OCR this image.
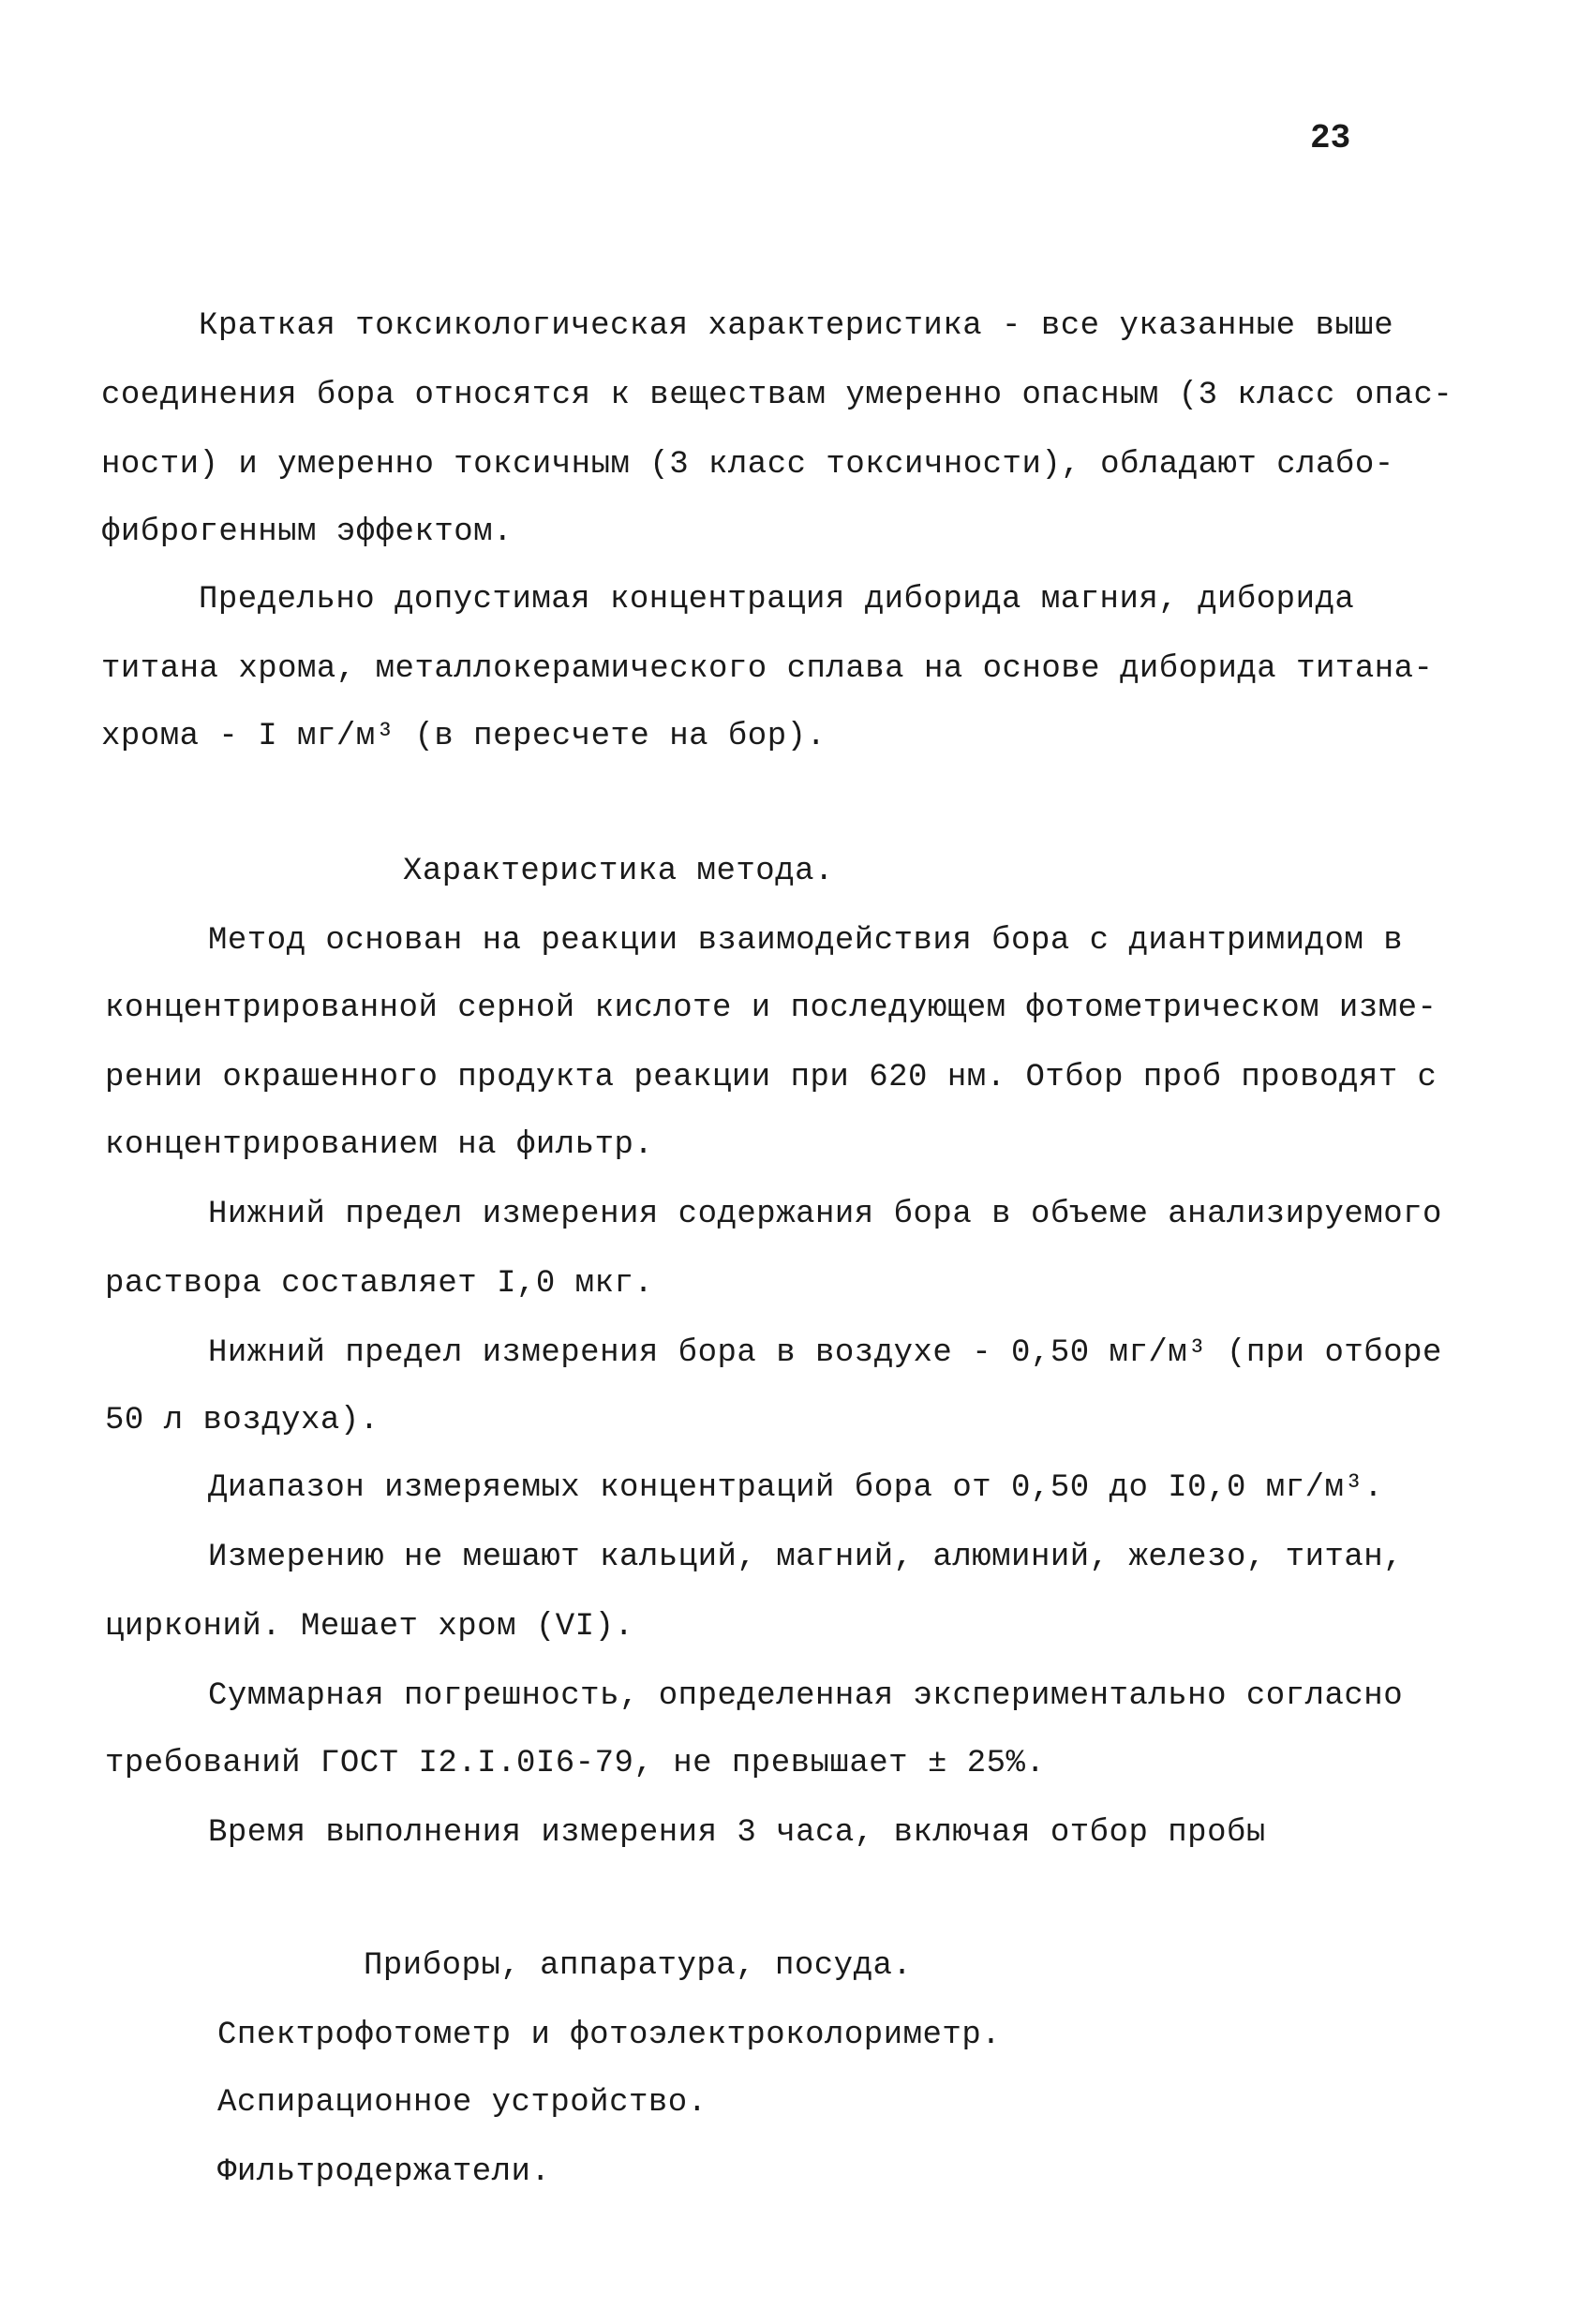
23
Краткая токсикологическая характеристика - все указанные выше
соединения бора относятся к веществам умеренно опасным (3 класс опас-
ности) и умеренно токсичным (3 класс токсичности), обладают слабо-
фиброгенным эффектом.
Предельно допустимая концентрация диборида магния, диборида
титана хрома, металлокерамического сплава на основе диборида титана-
хрома - I мг/м³ (в пересчете на бор).
Характеристика метода.
Метод основан на реакции взаимодействия бора с диантримидом в
концентрированной серной кислоте и последующем фотометрическом изме-
рении окрашенного продукта реакции при 620 нм. Отбор проб проводят с
концентрированием на фильтр.
Нижний предел измерения содержания бора в объеме анализируемого
раствора составляет I,0 мкг.
Нижний предел измерения бора в воздухе - 0,50 мг/м³ (при отборе
50 л воздуха).
Диапазон измеряемых концентраций бора от 0,50 до I0,0 мг/м³.
Измерению не мешают кальций, магний, алюминий, железо, титан,
цирконий. Мешает хром (VI).
Суммарная погрешность, определенная экспериментально согласно
требований ГОСТ I2.I.0I6-79, не превышает ± 25%.
Время выполнения измерения 3 часа, включая отбор пробы
Приборы, аппаратура, посуда.
Спектрофотометр и фотоэлектроколориметр.
Аспирационное устройство.
Фильтродержатели.
